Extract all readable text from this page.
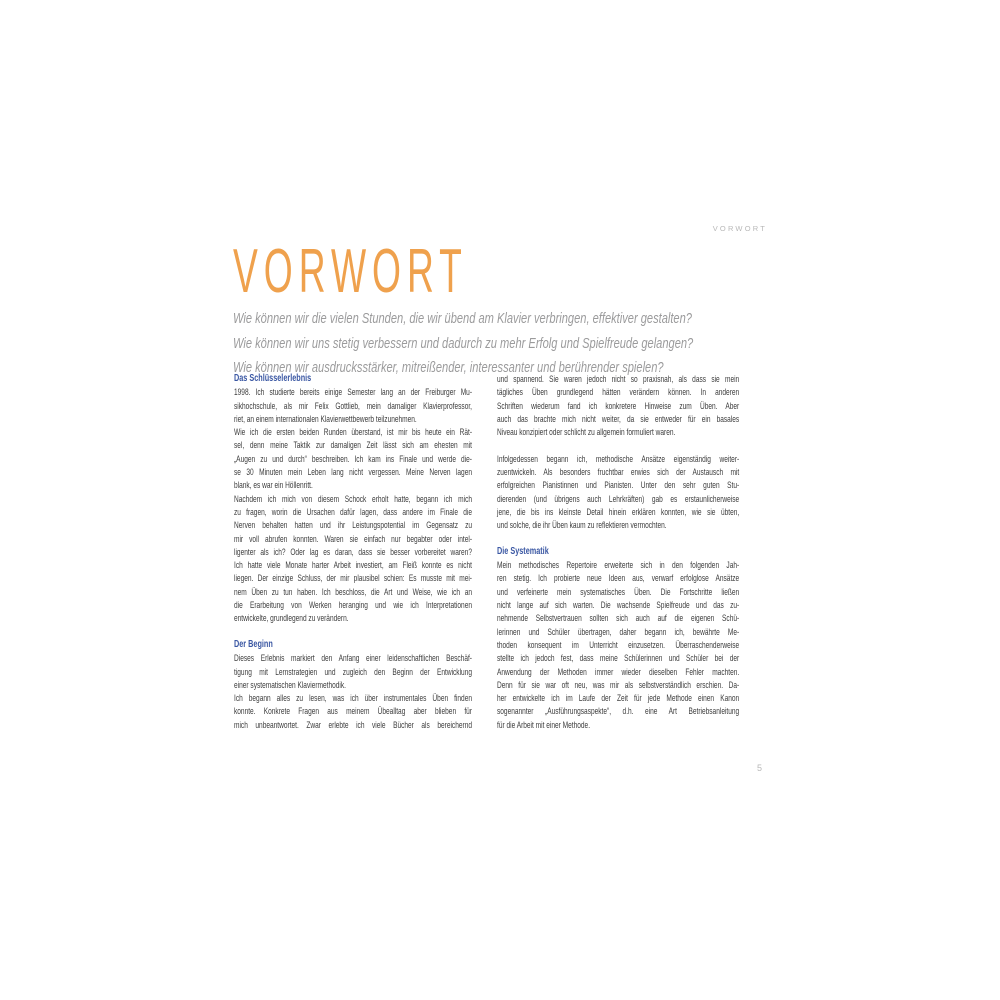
VORWORT
VORWORT
Wie können wir die vielen Stunden, die wir übend am Klavier verbringen, effektiver gestalten?
Wie können wir uns stetig verbessern und dadurch zu mehr Erfolg und Spielfreude gelangen?
Wie können wir ausdrucksstärker, mitreißender, interessanter und berührender spielen?
Das Schlüsselerlebnis
1998. Ich studierte bereits einige Semester lang an der Freiburger Mu-
sikhochschule, als mir Felix Gottlieb, mein damaliger Klavierprofessor,
riet, an einem internationalen Klavierwettbewerb teilzunehmen.
Wie ich die ersten beiden Runden überstand, ist mir bis heute ein Rät-
sel, denn meine Taktik zur damaligen Zeit lässt sich am ehesten mit
„Augen zu und durch“ beschreiben. Ich kam ins Finale und werde die-
se 30 Minuten mein Leben lang nicht vergessen. Meine Nerven lagen
blank, es war ein Höllenritt.
Nachdem ich mich von diesem Schock erholt hatte, begann ich mich
zu fragen, worin die Ursachen dafür lagen, dass andere im Finale die
Nerven behalten hatten und ihr Leistungspotential im Gegensatz zu
mir voll abrufen konnten. Waren sie einfach nur begabter oder intel-
ligenter als ich? Oder lag es daran, dass sie besser vorbereitet waren?
Ich hatte viele Monate harter Arbeit investiert, am Fleiß konnte es nicht
liegen. Der einzige Schluss, der mir plausibel schien: Es musste mit mei-
nem Üben zu tun haben. Ich beschloss, die Art und Weise, wie ich an
die Erarbeitung von Werken heranging und wie ich Interpretationen
entwickelte, grundlegend zu verändern.
Der Beginn
Dieses Erlebnis markiert den Anfang einer leidenschaftlichen Beschäf-
tigung mit Lernstrategien und zugleich den Beginn der Entwicklung
einer systematischen Klaviermethodik.
Ich begann alles zu lesen, was ich über instrumentales Üben finden
konnte. Konkrete Fragen aus meinem Übealltag aber blieben für
mich unbeantwortet. Zwar erlebte ich viele Bücher als bereichernd
und spannend. Sie waren jedoch nicht so praxisnah, als dass sie mein
tägliches Üben grundlegend hätten verändern können. In anderen
Schriften wiederum fand ich konkretere Hinweise zum Üben. Aber
auch das brachte mich nicht weiter, da sie entweder für ein basales
Niveau konzipiert oder schlicht zu allgemein formuliert waren.
Infolgedessen begann ich, methodische Ansätze eigenständig weiter-
zuentwickeln. Als besonders fruchtbar erwies sich der Austausch mit
erfolgreichen Pianistinnen und Pianisten. Unter den sehr guten Stu-
dierenden (und übrigens auch Lehrkräften) gab es erstaunlicherweise
jene, die bis ins kleinste Detail hinein erklären konnten, wie sie übten,
und solche, die ihr Üben kaum zu reflektieren vermochten.
Die Systematik
Mein methodisches Repertoire erweiterte sich in den folgenden Jah-
ren stetig. Ich probierte neue Ideen aus, verwarf erfolglose Ansätze
und verfeinerte mein systematisches Üben. Die Fortschritte ließen
nicht lange auf sich warten. Die wachsende Spielfreude und das zu-
nehmende Selbstvertrauen sollten sich auch auf die eigenen Schü-
lerinnen und Schüler übertragen, daher begann ich, bewährte Me-
thoden konsequent im Unterricht einzusetzen. Überraschenderweise
stellte ich jedoch fest, dass meine Schülerinnen und Schüler bei der
Anwendung der Methoden immer wieder dieselben Fehler machten.
Denn für sie war oft neu, was mir als selbstverständlich erschien. Da-
her entwickelte ich im Laufe der Zeit für jede Methode einen Kanon
sogenannter „Ausführungsaspekte“, d.h. eine Art Betriebsanleitung
für die Arbeit mit einer Methode.
5
